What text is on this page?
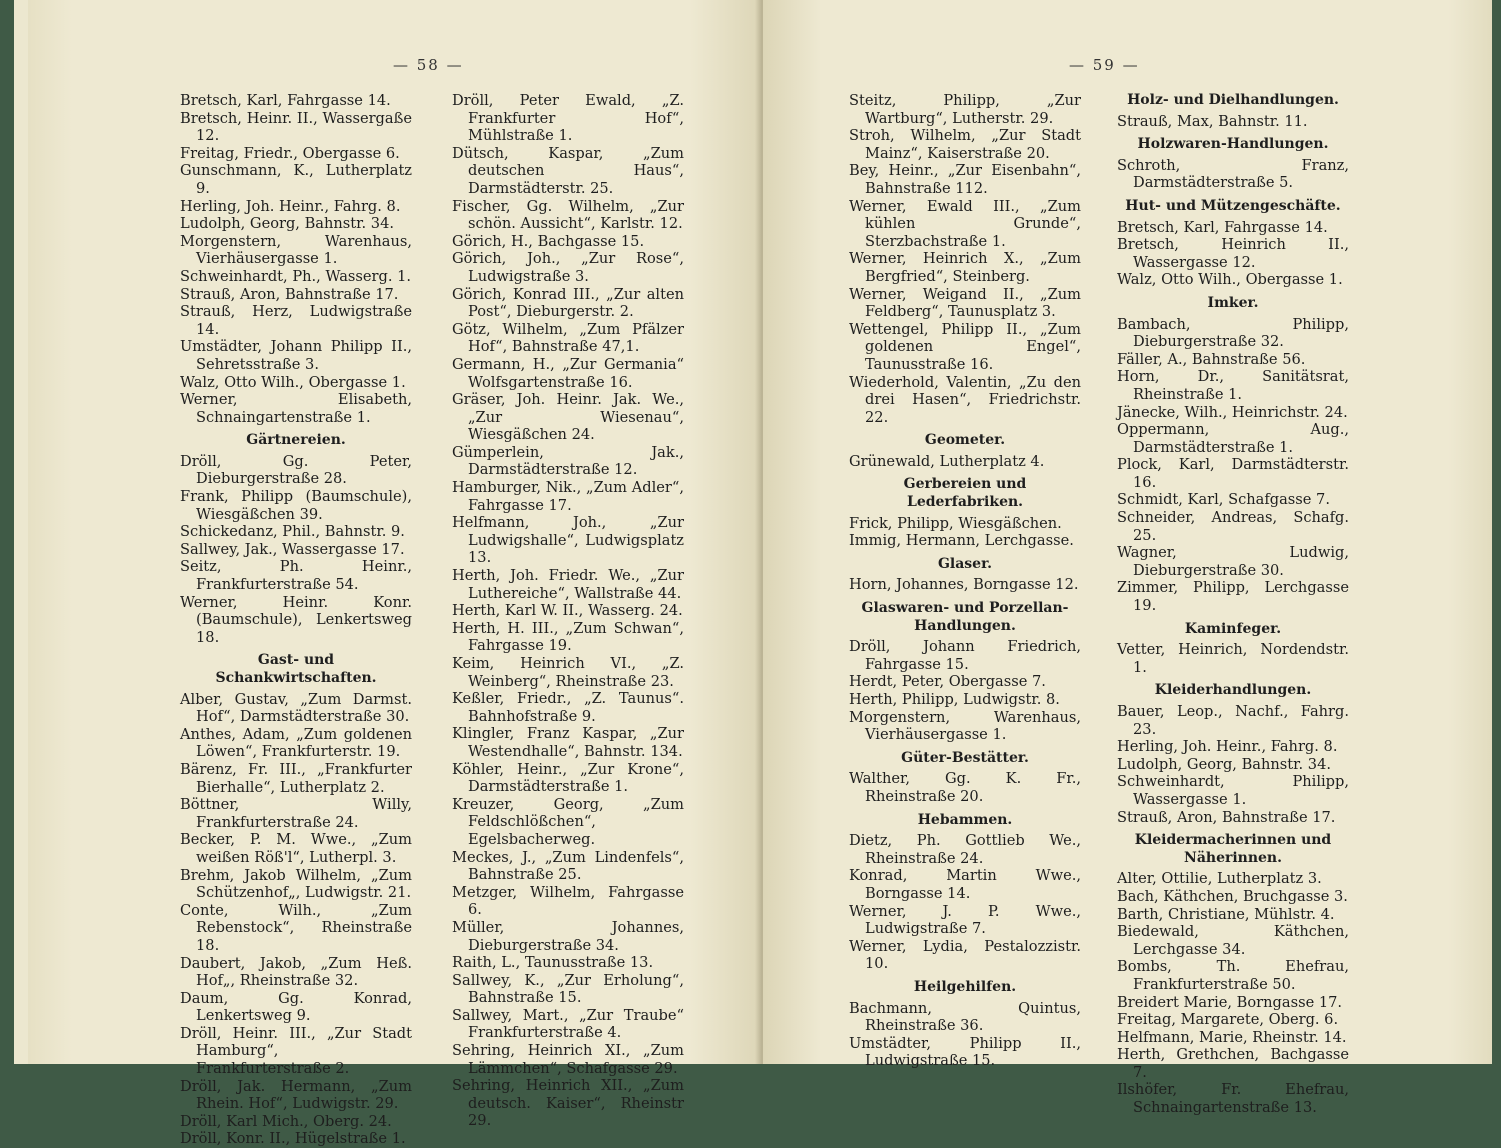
— 58 —
Bretsch, Karl, Fahrgasse 14.
Bretsch, Heinr. II., Wassergaße 12.
Freitag, Friedr., Obergasse 6.
Gunschmann, K., Lutherplatz 9.
Herling, Joh. Heinr., Fahrg. 8.
Ludolph, Georg, Bahnstr. 34.
Morgenstern, Warenhaus, Vierhäusergasse 1.
Schweinhardt, Ph., Wasserg. 1.
Strauß, Aron, Bahnstraße 17.
Strauß, Herz, Ludwigstraße 14.
Umstädter, Johann Philipp II., Sehretsstraße 3.
Walz, Otto Wilh., Obergasse 1.
Werner, Elisabeth, Schnaingartenstraße 1.
Gärtnereien.
Dröll, Gg. Peter, Dieburgerstraße 28.
Frank, Philipp (Baumschule), Wiesgäßchen 39.
Schickedanz, Phil., Bahnstr. 9.
Sallwey, Jak., Wassergasse 17.
Seitz, Ph. Heinr., Frankfurterstraße 54.
Werner, Heinr. Konr. (Baumschule), Lenkertsweg 18.
Gast- und Schankwirtschaften.
Alber, Gustav, „Zum Darmst. Hof“, Darmstädterstraße 30.
Anthes, Adam, „Zum goldenen Löwen“, Frankfurterstr. 19.
Bärenz, Fr. III., „Frankfurter Bierhalle“, Lutherplatz 2.
Böttner, Willy, Frankfurterstraße 24.
Becker, P. M. Wwe., „Zum weißen Röß'l“, Lutherpl. 3.
Brehm, Jakob Wilhelm, „Zum Schützenhof„, Ludwigstr. 21.
Conte, Wilh., „Zum Rebenstock“, Rheinstraße 18.
Daubert, Jakob, „Zum Heß. Hof„, Rheinstraße 32.
Daum, Gg. Konrad, Lenkertsweg 9.
Dröll, Heinr. III., „Zur Stadt Hamburg“, Frankfurterstraße 2.
Dröll, Jak. Hermann, „Zum Rhein. Hof“, Ludwigstr. 29.
Dröll, Karl Mich., Oberg. 24.
Dröll, Konr. II., Hügelstraße 1.
Dröll, Peter Ewald, „Z. Frankfurter Hof“, Mühlstraße 1.
Dütsch, Kaspar, „Zum deutschen Haus“, Darmstädterstr. 25.
Fischer, Gg. Wilhelm, „Zur schön. Aussicht“, Karlstr. 12.
Görich, H., Bachgasse 15.
Görich, Joh., „Zur Rose“, Ludwigstraße 3.
Görich, Konrad III., „Zur alten Post“, Dieburgerstr. 2.
Götz, Wilhelm, „Zum Pfälzer Hof“, Bahnstraße 47,1.
Germann, H., „Zur Germania“ Wolfsgartenstraße 16.
Gräser, Joh. Heinr. Jak. We., „Zur Wiesenau“, Wiesgäßchen 24.
Gümperlein, Jak., Darmstädterstraße 12.
Hamburger, Nik., „Zum Adler“, Fahrgasse 17.
Helfmann, Joh., „Zur Ludwigshalle“, Ludwigsplatz 13.
Herth, Joh. Friedr. We., „Zur Luthereiche“, Wallstraße 44.
Herth, Karl W. II., Wasserg. 24.
Herth, H. III., „Zum Schwan“, Fahrgasse 19.
Keim, Heinrich VI., „Z. Weinberg“, Rheinstraße 23.
Keßler, Friedr., „Z. Taunus“. Bahnhofstraße 9.
Klingler, Franz Kaspar, „Zur Westendhalle“, Bahnstr. 134.
Köhler, Heinr., „Zur Krone“, Darmstädterstraße 1.
Kreuzer, Georg, „Zum Feldschlößchen“, Egelsbacherweg.
Meckes, J., „Zum Lindenfels“, Bahnstraße 25.
Metzger, Wilhelm, Fahrgasse 6.
Müller, Johannes, Dieburgerstraße 34.
Raith, L., Taunusstraße 13.
Sallwey, K., „Zur Erholung“, Bahnstraße 15.
Sallwey, Mart., „Zur Traube“ Frankfurterstraße 4.
Sehring, Heinrich XI., „Zum Lämmchen“, Schafgasse 29.
Sehring, Heinrich XII., „Zum deutsch. Kaiser“, Rheinstr 29.
— 59 —
Steitz, Philipp, „Zur Wartburg“, Lutherstr. 29.
Stroh, Wilhelm, „Zur Stadt Mainz“, Kaiserstraße 20.
Bey, Heinr., „Zur Eisenbahn“, Bahnstraße 112.
Werner, Ewald III., „Zum kühlen Grunde“, Sterzbachstraße 1.
Werner, Heinrich X., „Zum Bergfried“, Steinberg.
Werner, Weigand II., „Zum Feldberg“, Taunusplatz 3.
Wettengel, Philipp II., „Zum goldenen Engel“, Taunusstraße 16.
Wiederhold, Valentin, „Zu den drei Hasen“, Friedrichstr. 22.
Geometer.
Grünewald, Lutherplatz 4.
Gerbereien und Lederfabriken.
Frick, Philipp, Wiesgäßchen.
Immig, Hermann, Lerchgasse.
Glaser.
Horn, Johannes, Borngasse 12.
Glaswaren- und Porzellan-Handlungen.
Dröll, Johann Friedrich, Fahrgasse 15.
Herdt, Peter, Obergasse 7.
Herth, Philipp, Ludwigstr. 8.
Morgenstern, Warenhaus, Vierhäusergasse 1.
Güter-Bestätter.
Walther, Gg. K. Fr., Rheinstraße 20.
Hebammen.
Dietz, Ph. Gottlieb We., Rheinstraße 24.
Konrad, Martin Wwe., Borngasse 14.
Werner, J. P. Wwe., Ludwigstraße 7.
Werner, Lydia, Pestalozzistr. 10.
Heilgehilfen.
Bachmann, Quintus, Rheinstraße 36.
Umstädter, Philipp II., Ludwigstraße 15.
Holz- und Dielhandlungen.
Strauß, Max, Bahnstr. 11.
Holzwaren-Handlungen.
Schroth, Franz, Darmstädterstraße 5.
Hut- und Mützengeschäfte.
Bretsch, Karl, Fahrgasse 14.
Bretsch, Heinrich II., Wassergasse 12.
Walz, Otto Wilh., Obergasse 1.
Imker.
Bambach, Philipp, Dieburgerstraße 32.
Fäller, A., Bahnstraße 56.
Horn, Dr., Sanitätsrat, Rheinstraße 1.
Jänecke, Wilh., Heinrichstr. 24.
Oppermann, Aug., Darmstädterstraße 1.
Plock, Karl, Darmstädterstr. 16.
Schmidt, Karl, Schafgasse 7.
Schneider, Andreas, Schafg. 25.
Wagner, Ludwig, Dieburgerstraße 30.
Zimmer, Philipp, Lerchgasse 19.
Kaminfeger.
Vetter, Heinrich, Nordendstr. 1.
Kleiderhandlungen.
Bauer, Leop., Nachf., Fahrg. 23.
Herling, Joh. Heinr., Fahrg. 8.
Ludolph, Georg, Bahnstr. 34.
Schweinhardt, Philipp, Wassergasse 1.
Strauß, Aron, Bahnstraße 17.
Kleidermacherinnen und Näherinnen.
Alter, Ottilie, Lutherplatz 3.
Bach, Käthchen, Bruchgasse 3.
Barth, Christiane, Mühlstr. 4.
Biedewald, Käthchen, Lerchgasse 34.
Bombs, Th. Ehefrau, Frankfurterstraße 50.
Breidert Marie, Borngasse 17.
Freitag, Margarete, Oberg. 6.
Helfmann, Marie, Rheinstr. 14.
Herth, Grethchen, Bachgasse 7.
Ilshöfer, Fr. Ehefrau, Schnaingartenstraße 13.
